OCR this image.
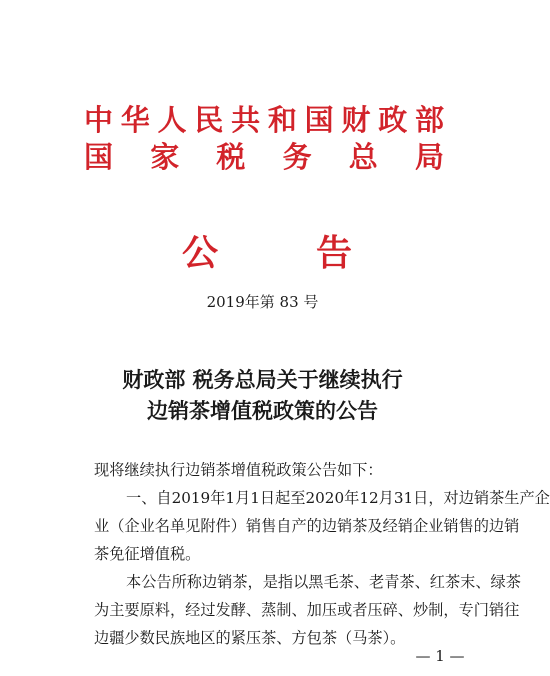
中华人民共和国财政部
国家税务总局
公告
2019年第 83 号
财政部 税务总局关于继续执行
边销茶增值税政策的公告
现将继续执行边销茶增值税政策公告如下：
一、自2019年1月1日起至2020年12月31日，对边销茶生产企
业（企业名单见附件）销售自产的边销茶及经销企业销售的边销
茶免征增值税。
本公告所称边销茶，是指以黑毛茶、老青茶、红茶末、绿茶
为主要原料，经过发酵、蒸制、加压或者压碎、炒制，专门销往
边疆少数民族地区的紧压茶、方包茶（马茶）。
— 1 —
